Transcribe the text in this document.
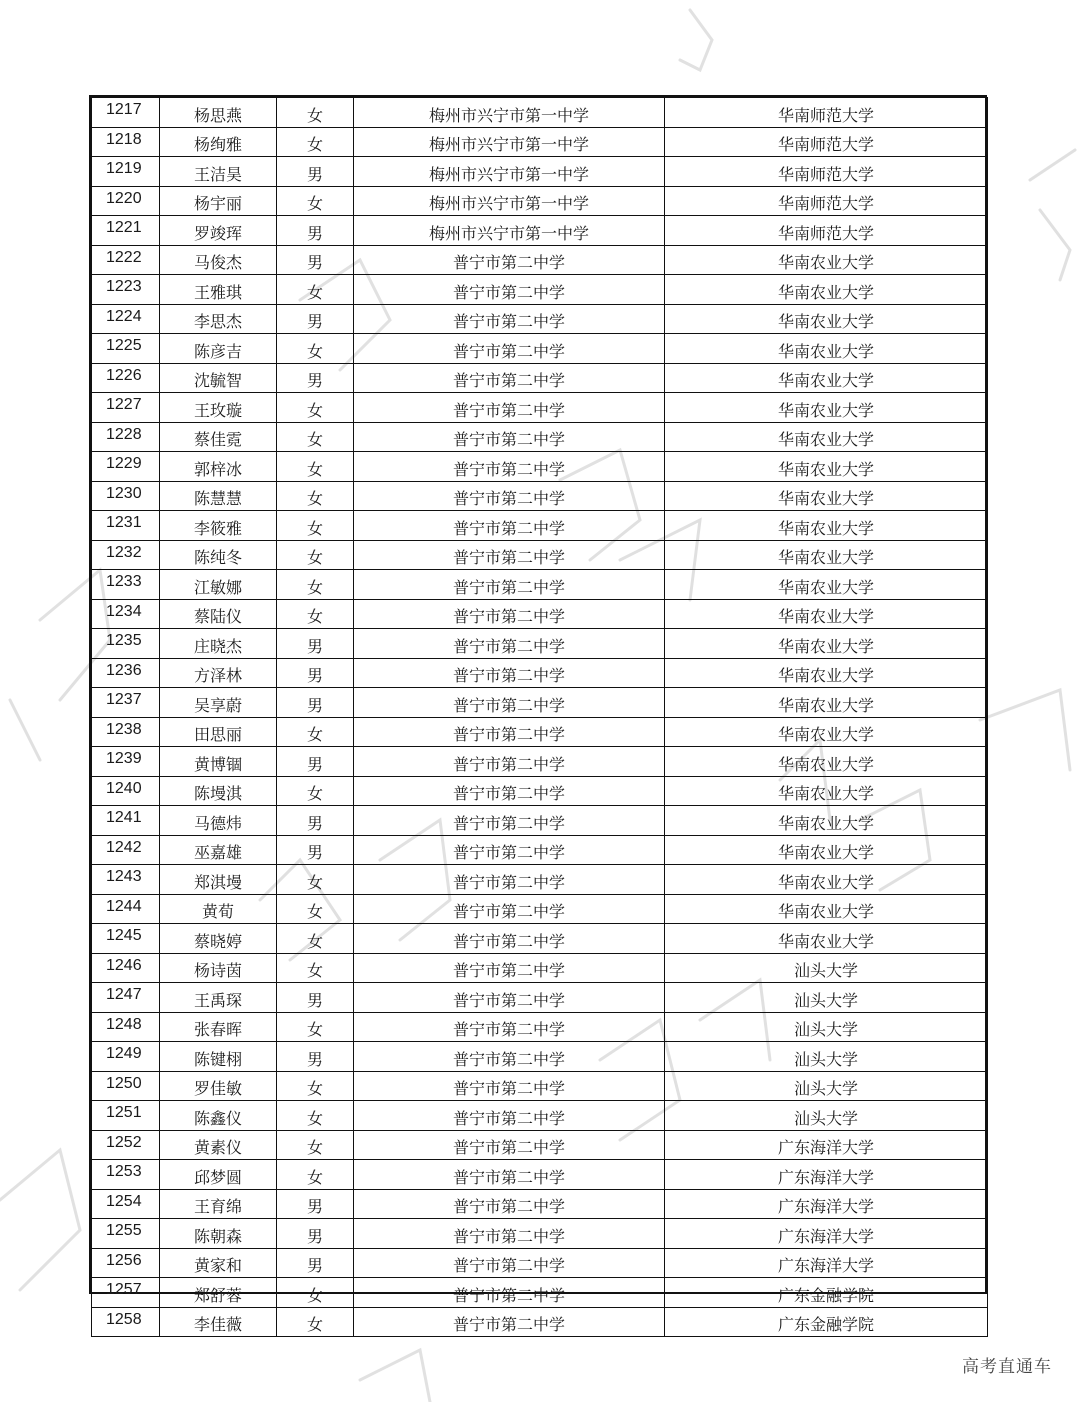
1217	杨思燕	女	梅州市兴宁市第一中学	华南师范大学
1218	杨绚雅	女	梅州市兴宁市第一中学	华南师范大学
1219	王洁昊	男	梅州市兴宁市第一中学	华南师范大学
1220	杨宇丽	女	梅州市兴宁市第一中学	华南师范大学
1221	罗竣珲	男	梅州市兴宁市第一中学	华南师范大学
1222	马俊杰	男	普宁市第二中学	华南农业大学
1223	王雅琪	女	普宁市第二中学	华南农业大学
1224	李思杰	男	普宁市第二中学	华南农业大学
1225	陈彦吉	女	普宁市第二中学	华南农业大学
1226	沈毓智	男	普宁市第二中学	华南农业大学
1227	王玫璇	女	普宁市第二中学	华南农业大学
1228	蔡佳霓	女	普宁市第二中学	华南农业大学
1229	郭梓冰	女	普宁市第二中学	华南农业大学
1230	陈慧慧	女	普宁市第二中学	华南农业大学
1231	李筱雅	女	普宁市第二中学	华南农业大学
1232	陈纯冬	女	普宁市第二中学	华南农业大学
1233	江敏娜	女	普宁市第二中学	华南农业大学
1234	蔡陆仪	女	普宁市第二中学	华南农业大学
1235	庄晓杰	男	普宁市第二中学	华南农业大学
1236	方泽林	男	普宁市第二中学	华南农业大学
1237	吴享蔚	男	普宁市第二中学	华南农业大学
1238	田思丽	女	普宁市第二中学	华南农业大学
1239	黄博锢	男	普宁市第二中学	华南农业大学
1240	陈墁淇	女	普宁市第二中学	华南农业大学
1241	马德炜	男	普宁市第二中学	华南农业大学
1242	巫嘉雄	男	普宁市第二中学	华南农业大学
1243	郑淇墁	女	普宁市第二中学	华南农业大学
1244	黄荀	女	普宁市第二中学	华南农业大学
1245	蔡晓婷	女	普宁市第二中学	华南农业大学
1246	杨诗茵	女	普宁市第二中学	汕头大学
1247	王禹琛	男	普宁市第二中学	汕头大学
1248	张春晖	女	普宁市第二中学	汕头大学
1249	陈键栩	男	普宁市第二中学	汕头大学
1250	罗佳敏	女	普宁市第二中学	汕头大学
1251	陈鑫仪	女	普宁市第二中学	汕头大学
1252	黄素仪	女	普宁市第二中学	广东海洋大学
1253	邱梦圆	女	普宁市第二中学	广东海洋大学
1254	王育绵	男	普宁市第二中学	广东海洋大学
1255	陈朝森	男	普宁市第二中学	广东海洋大学
1256	黄家和	男	普宁市第二中学	广东海洋大学
1257	郑舒蓉	女	普宁市第二中学	广东金融学院
1258	李佳薇	女	普宁市第二中学	广东金融学院
高考直通车
